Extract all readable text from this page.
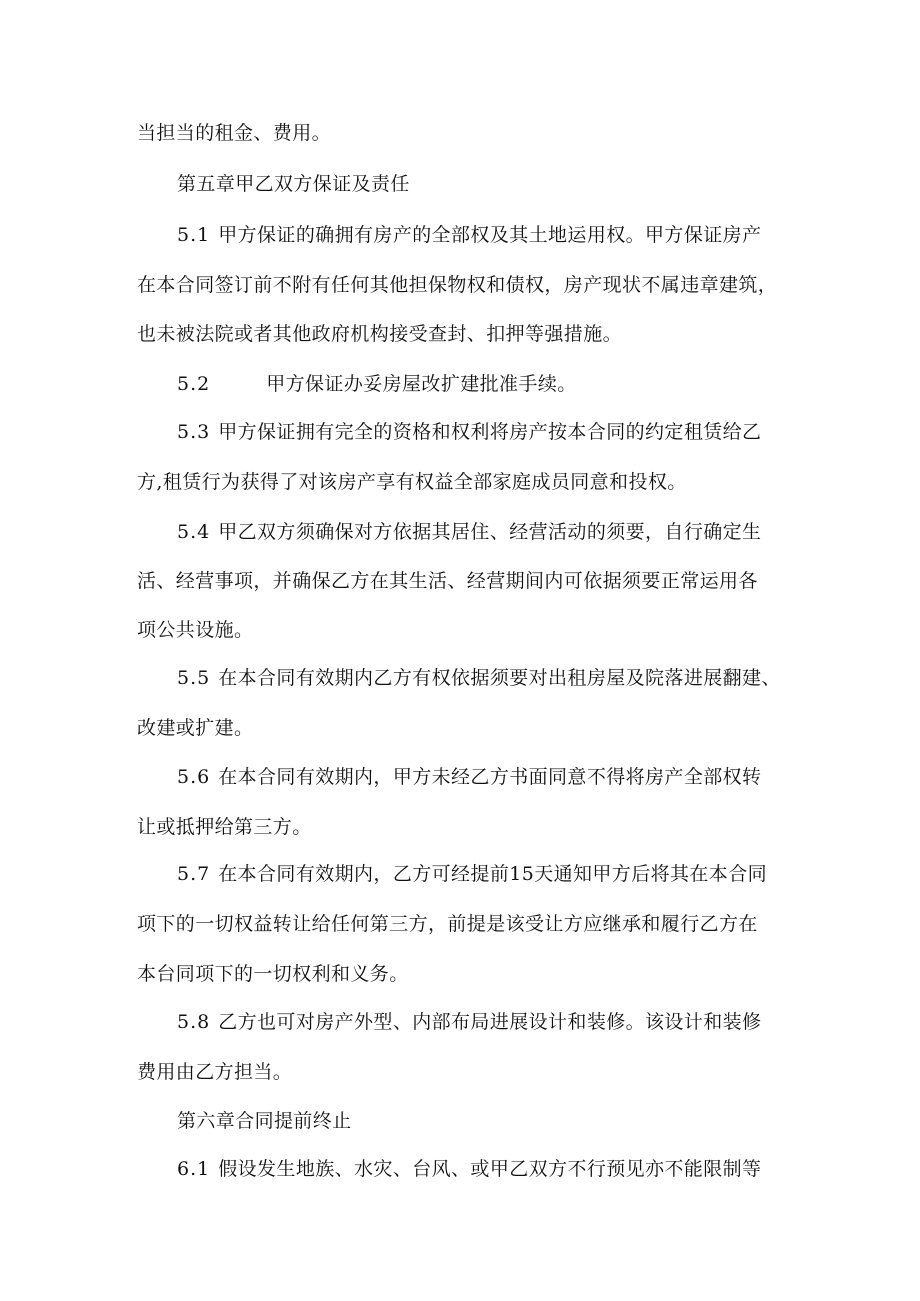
当担当的租金、费用。
第五章甲乙双方保证及责任
5.1 甲方保证的确拥有房产的全部权及其土地运用权。甲方保证房产
在本合同签订前不附有任何其他担保物权和债权，房产现状不属违章建筑，
也未被法院或者其他政府机构接受查封、扣押等强措施。
5.2	甲方保证办妥房屋改扩建批准手续。
5.3 甲方保证拥有完全的资格和权利将房产按本合同的约定租赁给乙
方,租赁行为获得了对该房产享有权益全部家庭成员同意和投权。
5.4 甲乙双方须确保对方依据其居住、经营活动的须要，自行确定生
活、经营事项，并确保乙方在其生活、经营期间内可依据须要正常运用各
项公共设施。
5.5 在本合同有效期内乙方有权依据须要对出租房屋及院落进展翻建、
改建或扩建。
5.6 在本合同有效期内，甲方未经乙方书面同意不得将房产全部权转
让或抵押给第三方。
5.7 在本合同有效期内，乙方可经提前15天通知甲方后将其在本合同
项下的一切权益转让给任何第三方，前提是该受让方应继承和履行乙方在
本台同项下的一切权利和义务。
5.8 乙方也可对房产外型、内部布局进展设计和装修。该设计和装修
费用由乙方担当。
第六章合同提前终止
6.1 假设发生地族、水灾、台风、或甲乙双方不行预见亦不能限制等
